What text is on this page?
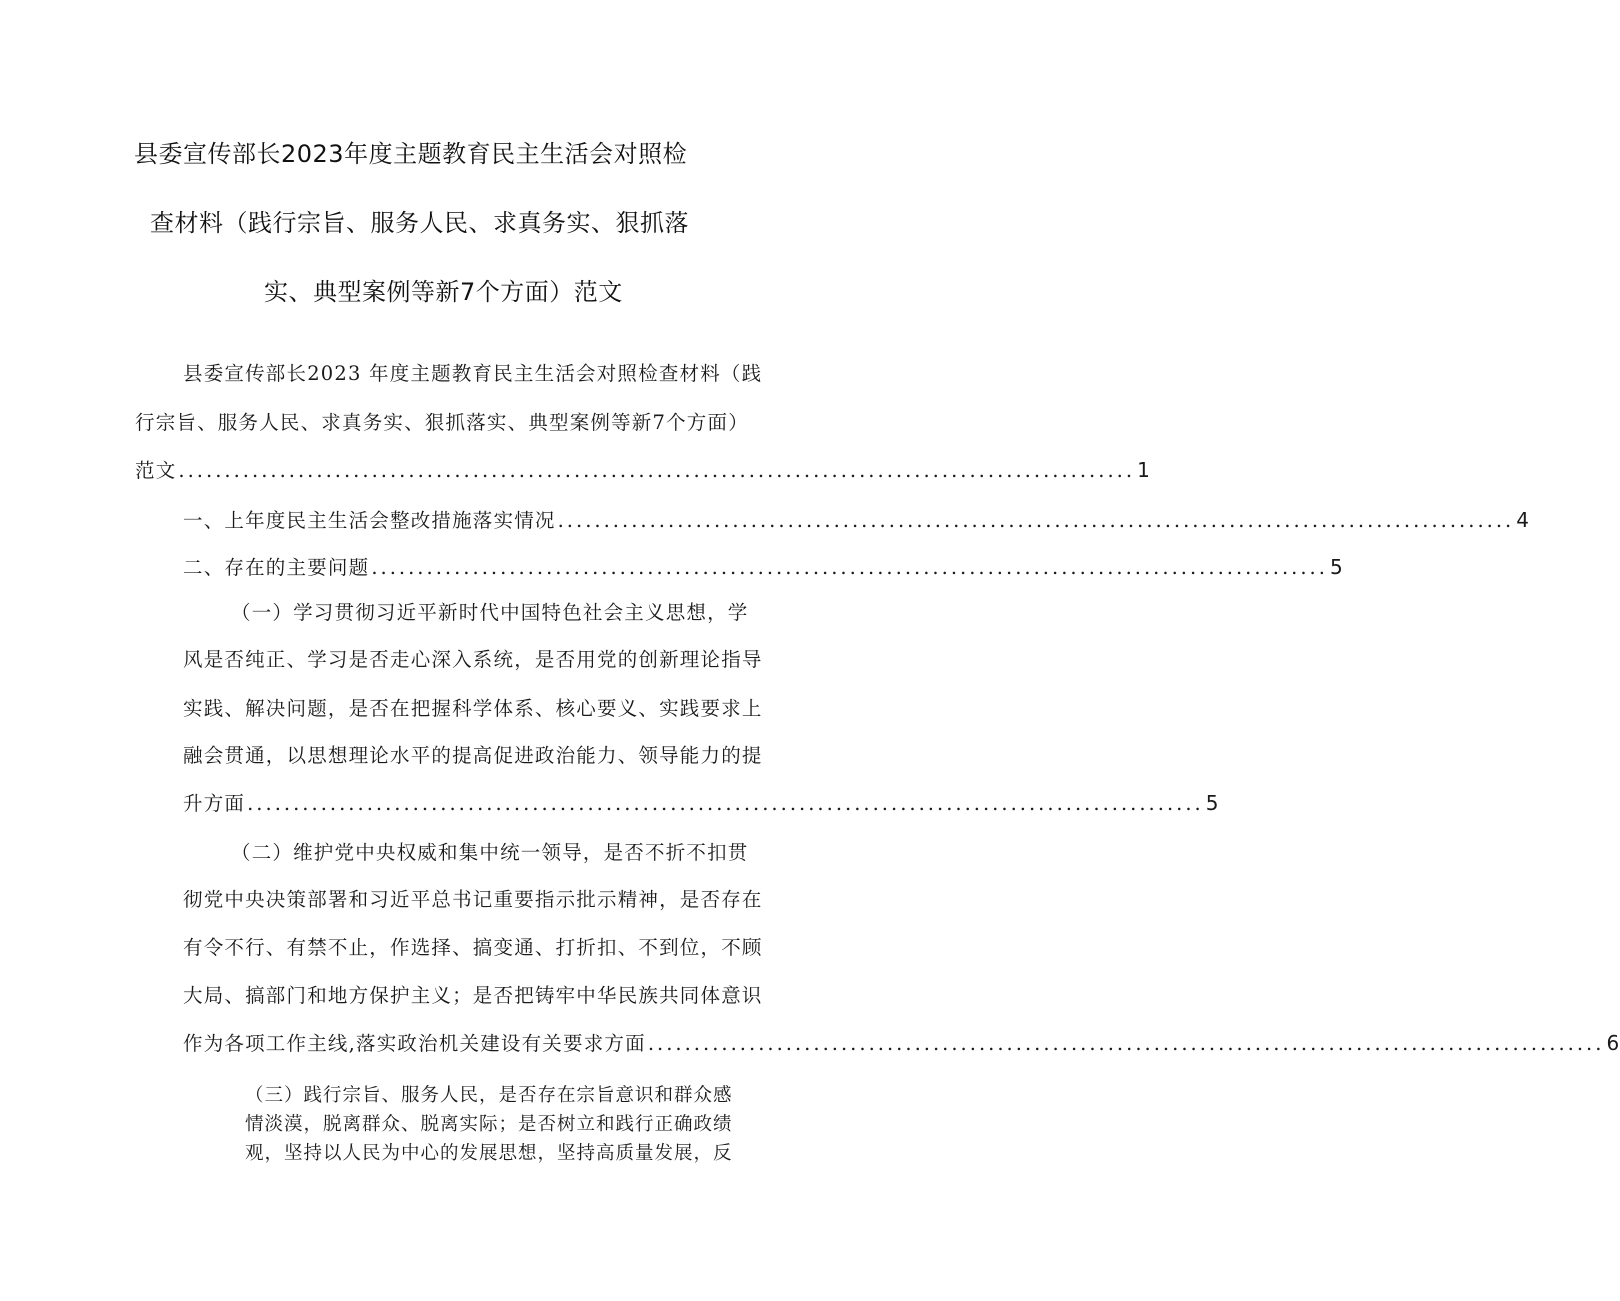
县委宣传部长2023年度主题教育民主生活会对照检
查材料（践行宗旨、服务人民、求真务实、狠抓落
实、典型案例等新7个方面）范文
县委宣传部长2023 年度主题教育民主生活会对照检查材料（践
行宗旨、服务人民、求真务实、狠抓落实、典型案例等新7个方面）
范文 ........................................................................................................ 1
一、上年度民主生活会整改措施落实情况 ........................................................................................................ 4
二、存在的主要问题 ........................................................................................................ 5
（一）学习贯彻习近平新时代中国特色社会主义思想，学
风是否纯正、学习是否走心深入系统，是否用党的创新理论指导
实践、解决问题，是否在把握科学体系、核心要义、实践要求上
融会贯通，以思想理论水平的提高促进政治能力、领导能力的提
升方面 ........................................................................................................ 5
（二）维护党中央权威和集中统一领导，是否不折不扣贯
彻党中央决策部署和习近平总书记重要指示批示精神，是否存在
有令不行、有禁不止，作选择、搞变通、打折扣、不到位，不顾
大局、搞部门和地方保护主义；是否把铸牢中华民族共同体意识
作为各项工作主线,落实政治机关建设有关要求方面 ........................................................................................................ 6
（三）践行宗旨、服务人民，是否存在宗旨意识和群众感
情淡漠，脱离群众、脱离实际；是否树立和践行正确政绩
观，坚持以人民为中心的发展思想，坚持高质量发展，反
